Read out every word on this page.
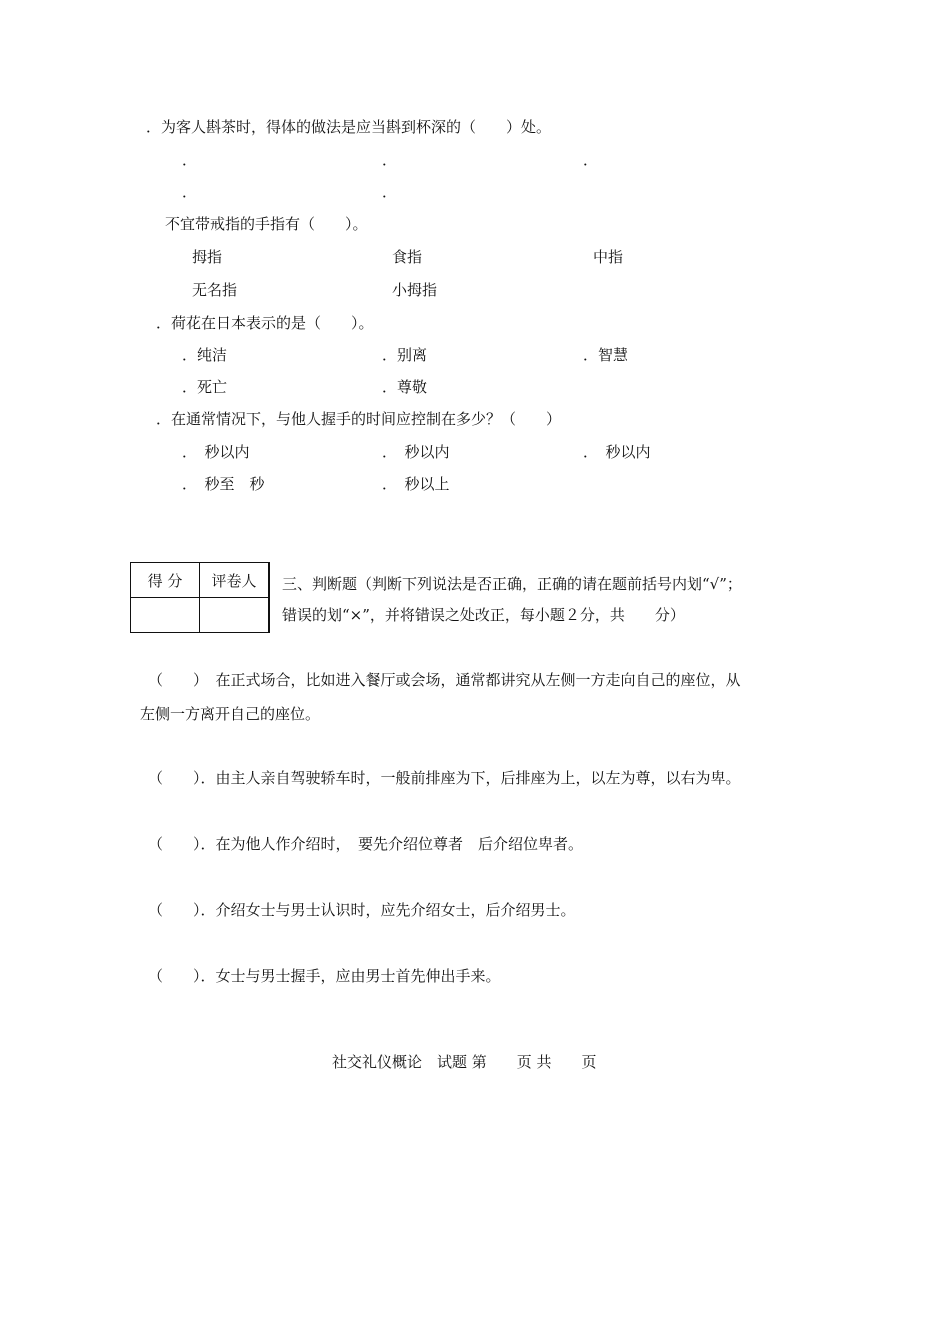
．为客人斟茶时，得体的做法是应当斟到杯深的（　　）处。
．	．	．
．	．
不宜带戒指的手指有（　　）。
拇指	食指	中指
无名指	小拇指
．荷花在日本表示的是（　　）。
．纯洁	．别离	．智慧
．死亡	．尊敬
．在通常情况下，与他人握手的时间应控制在多少？（　　）
．　秒以内	．　秒以内	．　秒以内
．　秒至　秒	．　秒以上
得 分	评卷人
	三、判断题（判断下列说法是否正确，正确的请在题前括号内划“√”；
错误的划“×”，并将错误之处改正，每小题２分，共　　分）
（　　）　在正式场合，比如进入餐厅或会场，通常都讲究从左侧一方走向自己的座位，从
左侧一方离开自己的座位。
（　　）．由主人亲自驾驶轿车时，一般前排座为下，后排座为上，以左为尊，以右为卑。
（　　）．在为他人作介绍时，　要先介绍位尊者　后介绍位卑者。
（　　）．介绍女士与男士认识时，应先介绍女士，后介绍男士。
（　　）．女士与男士握手，应由男士首先伸出手来。
社交礼仪概论　试题 第　　页 共　　页
